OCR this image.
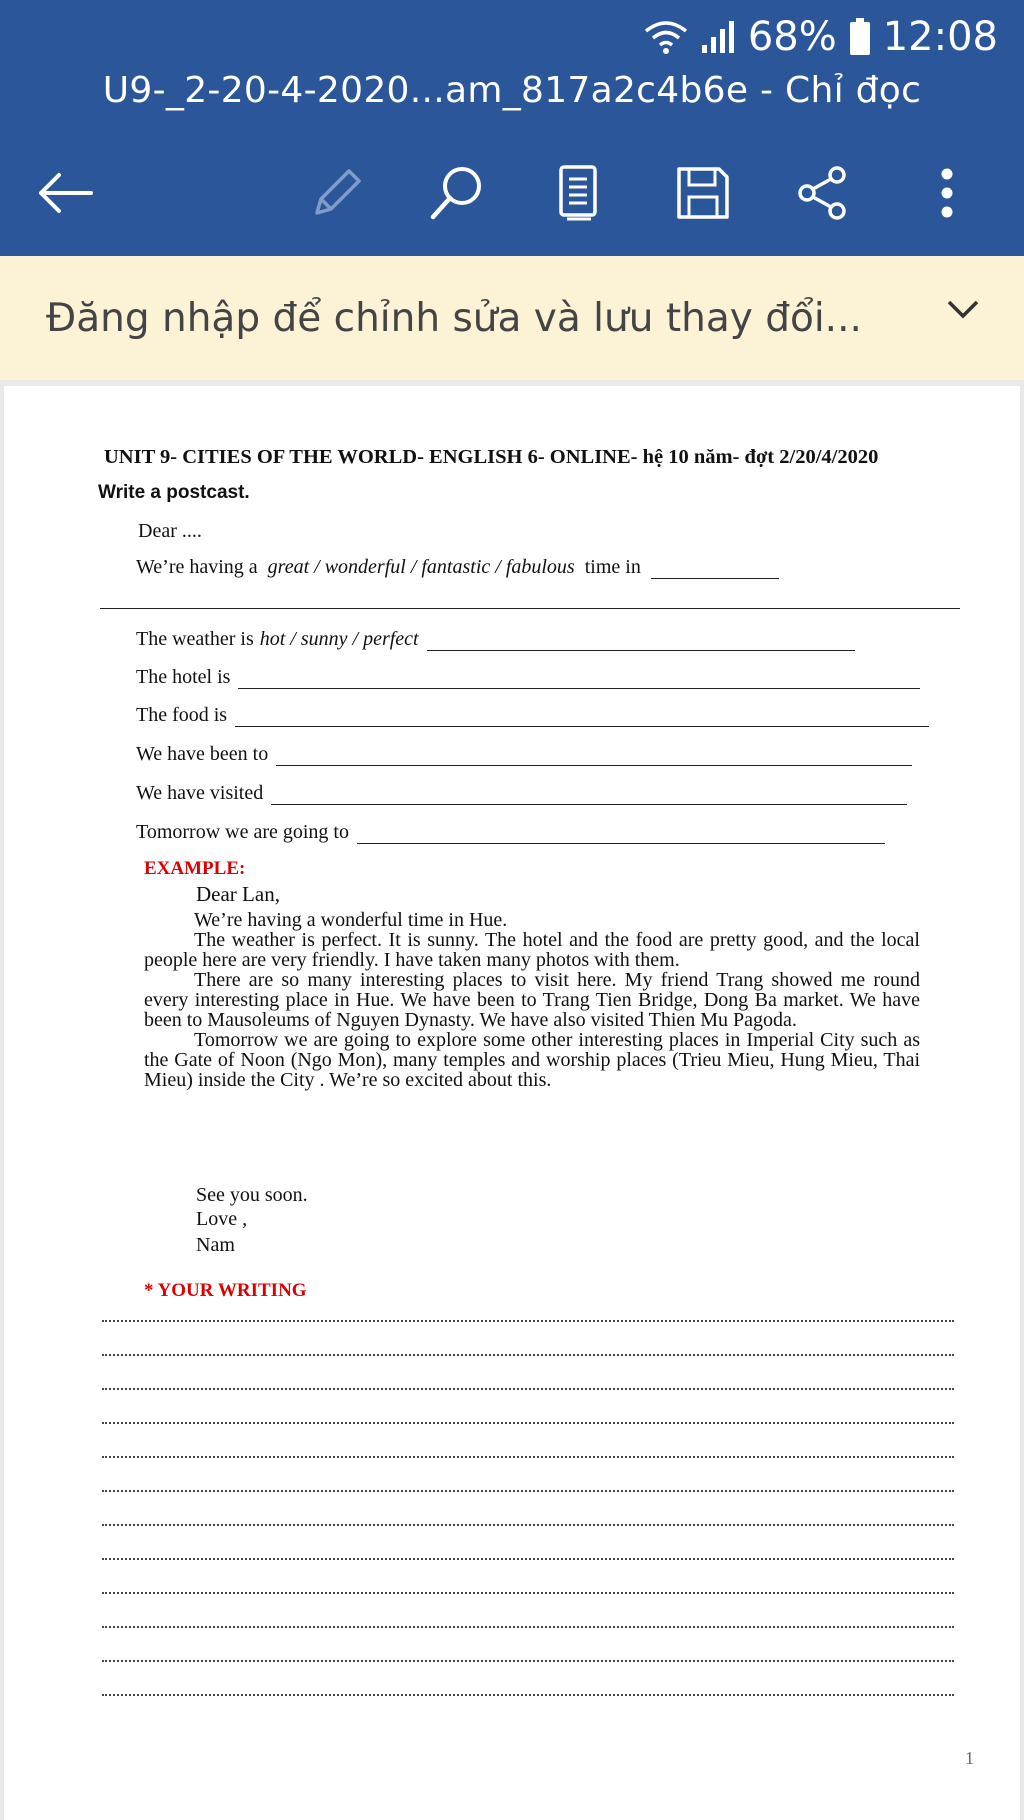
68% 12:08
U9-_2-20-4-2020...am_817a2c4b6e - Chỉ đọc
Đăng nhập để chỉnh sửa và lưu thay đổi...
UNIT 9- CITIES OF THE WORLD- ENGLISH 6- ONLINE- hệ 10 năm- đợt 2/20/4/2020
Write a postcast.
Dear ....
We’re having a great / wonderful / fantastic / fabulous time in
The weather is hot / sunny / perfect
The hotel is
The food is
We have been to
We have visited
Tomorrow we are going to
EXAMPLE:
Dear Lan,

We’re having a wonderful time in Hue.

The weather is perfect. It is sunny. The hotel and the food are pretty good, and the local people here are very friendly. I have taken many photos with them.

There are so many interesting places to visit here. My friend Trang showed me round every interesting place in Hue. We have been to Trang Tien Bridge, Dong Ba market. We have been to Mausoleums of Nguyen Dynasty. We have also visited Thien Mu Pagoda.

Tomorrow we are going to explore some other interesting places in Imperial City such as the Gate of Noon (Ngo Mon), many temples and worship places (Trieu Mieu, Hung Mieu, Thai Mieu) inside the City . We’re so excited about this.

See you soon.
Love ,
Nam
* YOUR WRITING
1
